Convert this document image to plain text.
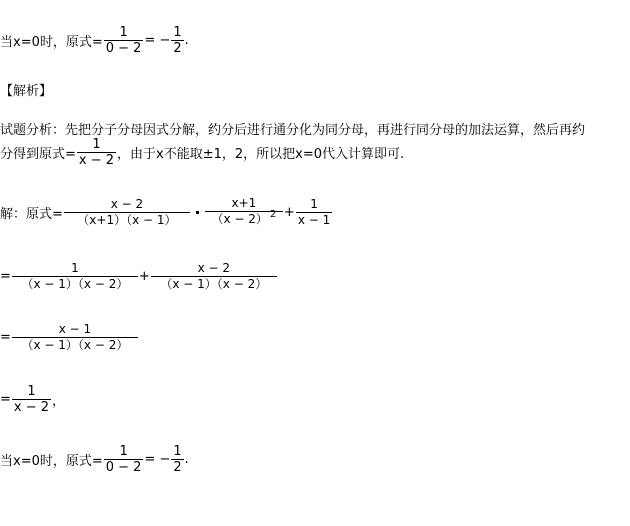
当x=0时，原式= $\frac{1}{0 - 2}$ = − $\frac{1}{2}$ .
【解析】
试题分析：先把分子分母因式分解，约分后进行通分化为同分母，再进行同分母的加法运算，然后再约
分得到原式= $\frac{1}{x - 2}$ ，由于x不能取±1，2，所以把x=0代入计算即可.
解：原式= $\frac{x - 2}{(x+1)(x - 1)} \frac{x+1}{(x - 2) ^2} + \frac{1}{x - 1}$
= $\frac{1}{(x - 1)(x - 2)} + \frac{x - 2}{(x - 1)(x - 2)}$
= $\frac{x - 1}{(x - 1)(x - 2)}$
= $\frac{1}{x - 2}$ ，
当x=0时，原式= $\frac{1}{0 - 2}$ = − $\frac{1}{2}$ .
